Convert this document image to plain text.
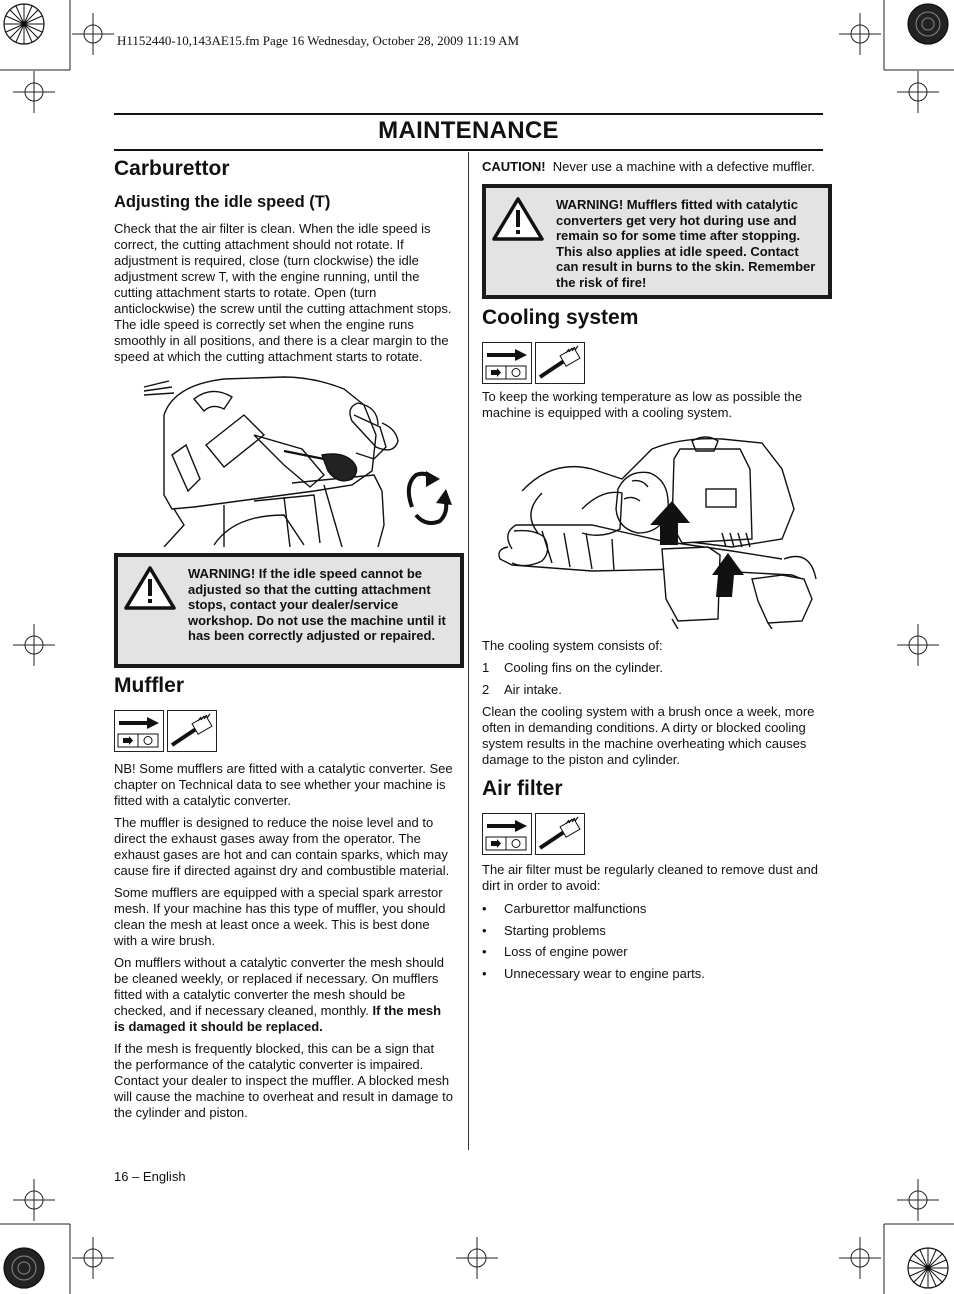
H1152440-10,143AE15.fm Page 16 Wednesday, October 28, 2009 11:19 AM
MAINTENANCE
Carburettor
Adjusting the idle speed (T)

Check that the air filter is clean. When the idle speed is correct, the cutting attachment should not rotate. If adjustment is required, close (turn clockwise) the idle adjustment screw T, with the engine running, until the cutting attachment starts to rotate. Open (turn anticlockwise) the screw until the cutting attachment stops. The idle speed is correctly set when the engine runs smoothly in all positions, and there is a clear margin to the speed at which the cutting attachment starts to rotate.

WARNING! If the idle speed cannot be adjusted so that the cutting attachment stops, contact your dealer/service workshop. Do not use the machine until it has been correctly adjusted or repaired.
Muffler

NB! Some mufflers are fitted with a catalytic converter. See chapter on Technical data to see whether your machine is fitted with a catalytic converter.

The muffler is designed to reduce the noise level and to direct the exhaust gases away from the operator. The exhaust gases are hot and can contain sparks, which may cause fire if directed against dry and combustible material.

Some mufflers are equipped with a special spark arrestor mesh. If your machine has this type of muffler, you should clean the mesh at least once a week. This is best done with a wire brush.

On mufflers without a catalytic converter the mesh should be cleaned weekly, or replaced if necessary. On mufflers fitted with a catalytic converter the mesh should be checked, and if necessary cleaned, monthly. If the mesh is damaged it should be replaced.

If the mesh is frequently blocked, this can be a sign that the performance of the catalytic converter is impaired. Contact your dealer to inspect the muffler. A blocked mesh will cause the machine to overheat and result in damage to the cylinder and piston.

16 – English

CAUTION! Never use a machine with a defective muffler.

WARNING! Mufflers fitted with catalytic converters get very hot during use and remain so for some time after stopping. This also applies at idle speed. Contact can result in burns to the skin. Remember the risk of fire!
Cooling system

To keep the working temperature as low as possible the machine is equipped with a cooling system.

The cooling system consists of:

1 Cooling fins on the cylinder.
2 Air intake.

Clean the cooling system with a brush once a week, more often in demanding conditions. A dirty or blocked cooling system results in the machine overheating which causes damage to the piston and cylinder.

Air filter

The air filter must be regularly cleaned to remove dust and dirt in order to avoid:

• Carburettor malfunctions
• Starting problems
• Loss of engine power
• Unnecessary wear to engine parts.
